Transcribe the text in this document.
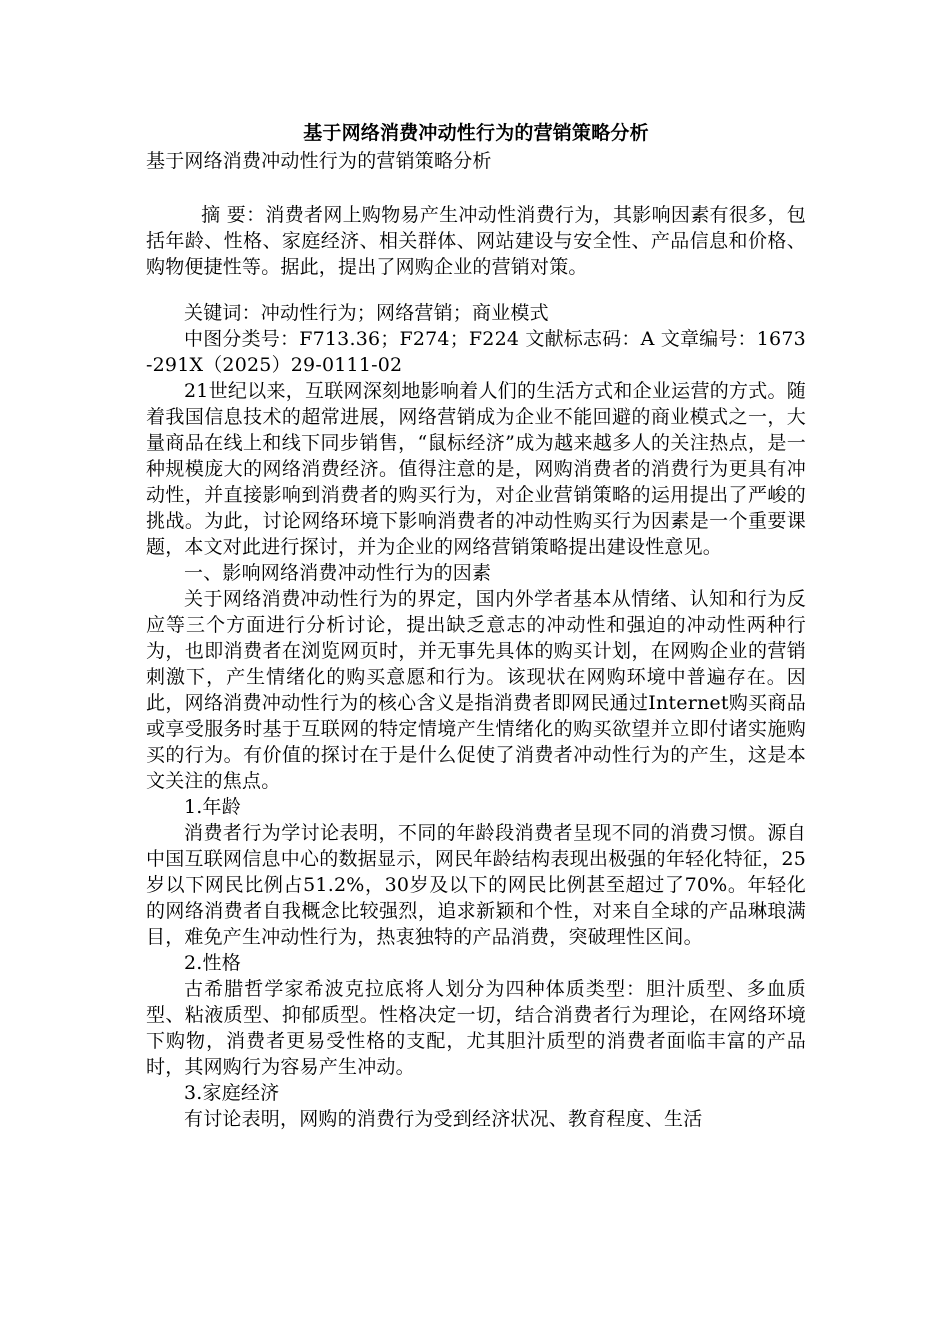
基于网络消费冲动性行为的营销策略分析

基于网络消费冲动性行为的营销策略分析

摘 要：消费者网上购物易产生冲动性消费行为，其影响因素有很多，包括年龄、性格、家庭经济、相关群体、网站建设与安全性、产品信息和价格、购物便捷性等。据此，提出了网购企业的营销对策。

关键词：冲动性行为；网络营销；商业模式

中图分类号：F713.36；F274；F224 文献标志码：A 文章编号：1673-291X（2025）29-0111-02

21世纪以来，互联网深刻地影响着人们的生活方式和企业运营的方式。随着我国信息技术的超常进展，网络营销成为企业不能回避的商业模式之一，大量商品在线上和线下同步销售，“鼠标经济”成为越来越多人的关注热点，是一种规模庞大的网络消费经济。值得注意的是，网购消费者的消费行为更具有冲动性，并直接影响到消费者的购买行为，对企业营销策略的运用提出了严峻的挑战。为此，讨论网络环境下影响消费者的冲动性购买行为因素是一个重要课题，本文对此进行探讨，并为企业的网络营销策略提出建设性意见。

一、影响网络消费冲动性行为的因素

关于网络消费冲动性行为的界定，国内外学者基本从情绪、认知和行为反应等三个方面进行分析讨论，提出缺乏意志的冲动性和强迫的冲动性两种行为，也即消费者在浏览网页时，并无事先具体的购买计划，在网购企业的营销刺激下，产生情绪化的购买意愿和行为。该现状在网购环境中普遍存在。因此，网络消费冲动性行为的核心含义是指消费者即网民通过Internet购买商品或享受服务时基于互联网的特定情境产生情绪化的购买欲望并立即付诸实施购买的行为。有价值的探讨在于是什么促使了消费者冲动性行为的产生，这是本文关注的焦点。

1.年龄

消费者行为学讨论表明，不同的年龄段消费者呈现不同的消费习惯。源自中国互联网信息中心的数据显示，网民年龄结构表现出极强的年轻化特征，25岁以下网民比例占51.2%，30岁及以下的网民比例甚至超过了70%。年轻化的网络消费者自我概念比较强烈，追求新颖和个性，对来自全球的产品琳琅满目，难免产生冲动性行为，热衷独特的产品消费，突破理性区间。

2.性格

古希腊哲学家希波克拉底将人划分为四种体质类型：胆汁质型、多血质型、粘液质型、抑郁质型。性格决定一切，结合消费者行为理论，在网络环境下购物，消费者更易受性格的支配，尤其胆汁质型的消费者面临丰富的产品时，其网购行为容易产生冲动。

3.家庭经济

有讨论表明，网购的消费行为受到经济状况、教育程度、生活
